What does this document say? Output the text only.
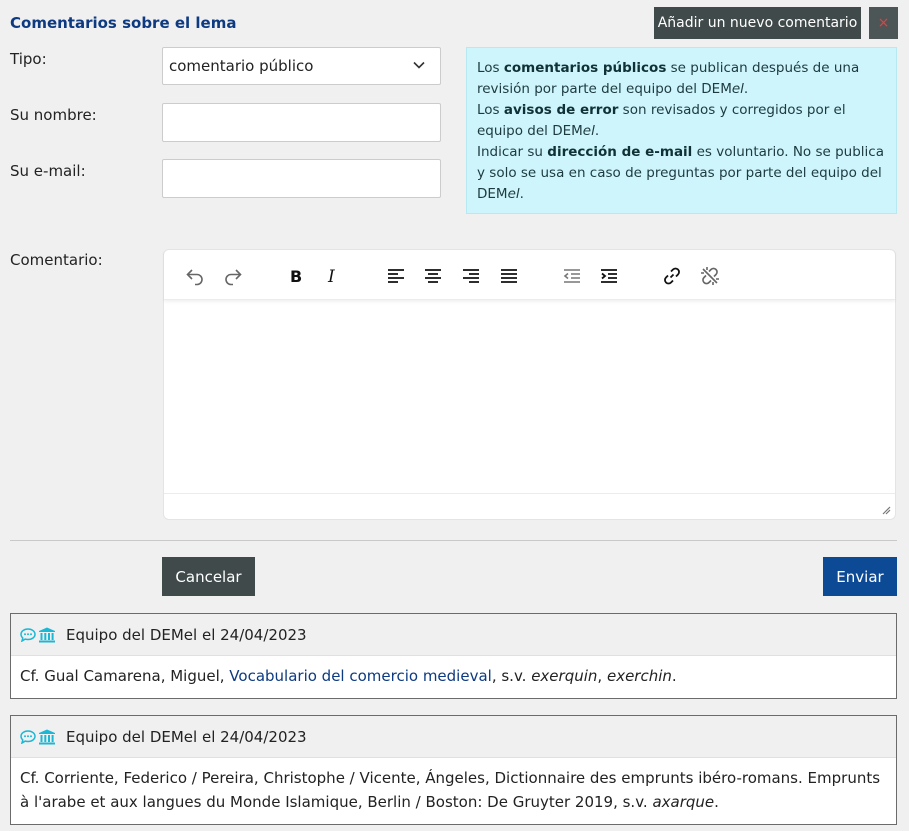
Comentarios sobre el lema	Añadir un nuevo comentario	×
Tipo:	comentario público
Su nombre:
Su e-mail:
Los comentarios públicos se publican después de una revisión por parte del equipo del DEMel.
Los avisos de error son revisados y corregidos por el equipo del DEMel.
Indicar su dirección de e-mail es voluntario. No se publica y solo se usa en caso de preguntas por parte del equipo del DEMel.
Comentario:
B I
Cancelar	Enviar
Equipo del DEMel el 24/04/2023
Cf. Gual Camarena, Miguel, Vocabulario del comercio medieval, s.v. exerquin, exerchin.
Equipo del DEMel el 24/04/2023
Cf. Corriente, Federico / Pereira, Christophe / Vicente, Ángeles, Dictionnaire des emprunts ibéro-romans. Emprunts à l'arabe et aux langues du Monde Islamique, Berlin / Boston: De Gruyter 2019, s.v. axarque.
